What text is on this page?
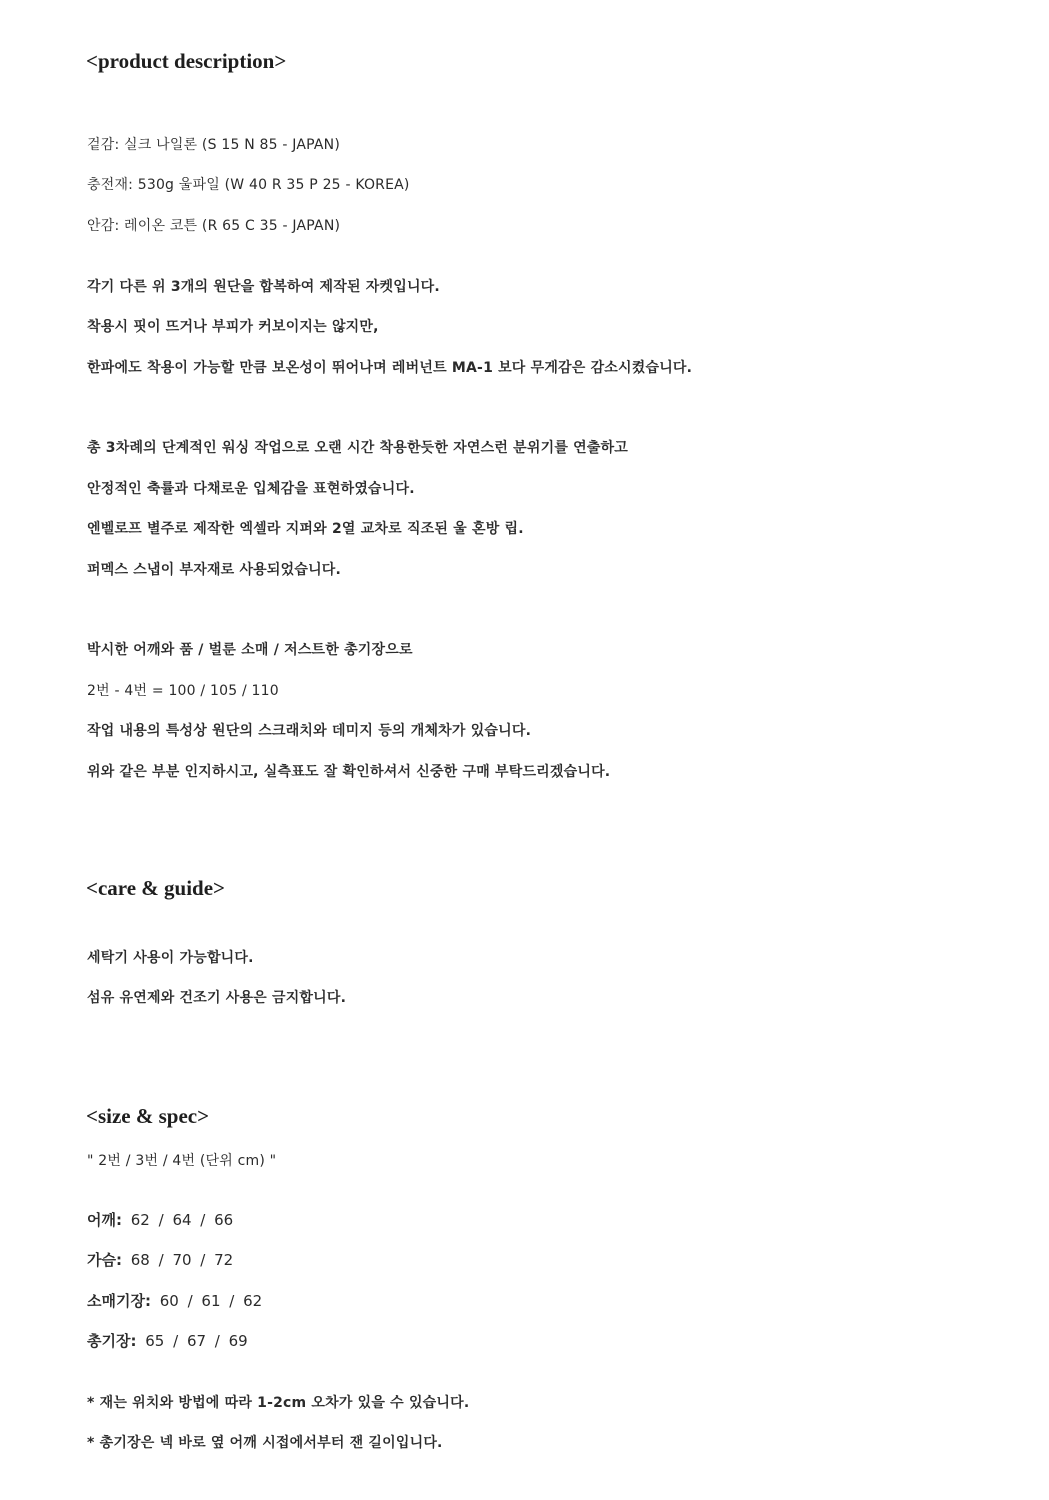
<product description>
겉감: 실크 나일론 (S 15 N 85 - JAPAN)
충전재: 530g 울파일 (W 40 R 35 P 25 - KOREA)
안감: 레이온 코튼 (R 65 C 35 - JAPAN)
각기 다른 위 3개의 원단을 합복하여 제작된 자켓입니다.
착용시 핏이 뜨거나 부피가 커보이지는 않지만,
한파에도 착용이 가능할 만큼 보온성이 뛰어나며 레버넌트 MA-1 보다 무게감은 감소시켰습니다.
총 3차례의 단계적인 워싱 작업으로 오랜 시간 착용한듯한 자연스런 분위기를 연출하고
안정적인 축률과 다채로운 입체감을 표현하였습니다.
엔벨로프 별주로 제작한 엑셀라 지퍼와 2열 교차로 직조된 울 혼방 립.
퍼멕스 스냅이 부자재로 사용되었습니다.
박시한 어깨와 품 / 벌룬 소매 / 저스트한 총기장으로
2번 - 4번 = 100 / 105 / 110
작업 내용의 특성상 원단의 스크래치와 데미지 등의 개체차가 있습니다.
위와 같은 부분 인지하시고, 실측표도 잘 확인하셔서 신중한 구매 부탁드리겠습니다.
<care & guide>
세탁기 사용이 가능합니다.
섬유 유연제와 건조기 사용은 금지합니다.
<size & spec>
" 2번 / 3번 / 4번 (단위 cm) "
어깨: 62 / 64 / 66
가슴: 68 / 70 / 72
소매기장: 60 / 61 / 62
총기장: 65 / 67 / 69
* 재는 위치와 방법에 따라 1-2cm 오차가 있을 수 있습니다.
* 총기장은 넥 바로 옆 어깨 시접에서부터 잰 길이입니다.
